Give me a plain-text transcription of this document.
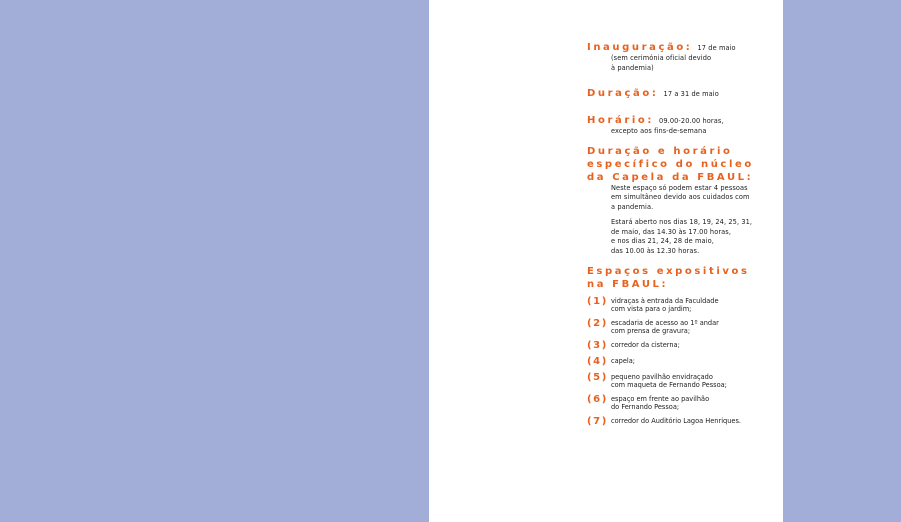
Inauguração: 17 de maio
(sem cerimónia oficial devido
à pandemia)
Duração: 17 a 31 de maio
Horário: 09.00-20.00 horas,
excepto aos fins-de-semana
Duração e horário
específico do núcleo
da Capela da FBAUL:
Neste espaço só podem estar 4 pessoas
em simultâneo devido aos cuidados com
a pandemia.
Estará aberto nos dias 18, 19, 24, 25, 31,
de maio, das 14.30 às 17.00 horas,
e nos dias 21, 24, 28 de maio,
das 10.00 às 12.30 horas.
Espaços expositivos
na FBAUL:
(1) vidraças à entrada da Faculdade
com vista para o jardim;
(2) escadaria de acesso ao 1º andar
com prensa de gravura;
(3) corredor da cisterna;
(4) capela;
(5) pequeno pavilhão envidraçado
com maqueta de Fernando Pessoa;
(6) espaço em frente ao pavilhão
do Fernando Pessoa;
(7) corredor do Auditório Lagoa Henriques.
